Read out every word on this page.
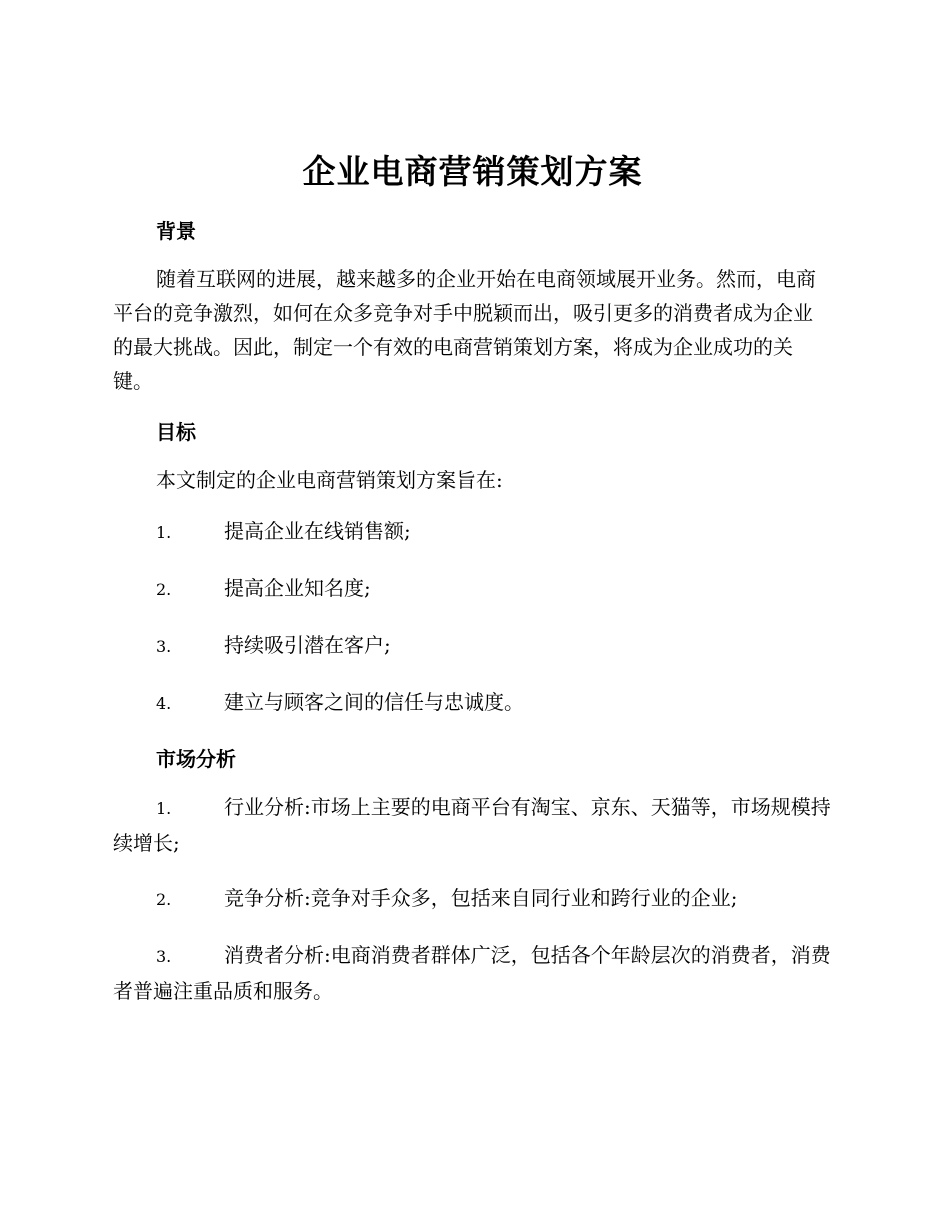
企业电商营销策划方案
背景

随着互联网的进展，越来越多的企业开始在电商领域展开业务。然而，电商平台的竞争激烈，如何在众多竞争对手中脱颖而出，吸引更多的消费者成为企业的最大挑战。因此，制定一个有效的电商营销策划方案，将成为企业成功的关键。

目标

本文制定的企业电商营销策划方案旨在:

1.	提高企业在线销售额;
2.	提高企业知名度;
3.	持续吸引潜在客户;
4.	建立与顾客之间的信任与忠诚度。
市场分析
1.	行业分析:市场上主要的电商平台有淘宝、京东、天猫等，市场规模持续增长;
2.	竞争分析:竞争对手众多，包括来自同行业和跨行业的企业;
3.	消费者分析:电商消费者群体广泛，包括各个年龄层次的消费者，消费者普遍注重品质和服务。
